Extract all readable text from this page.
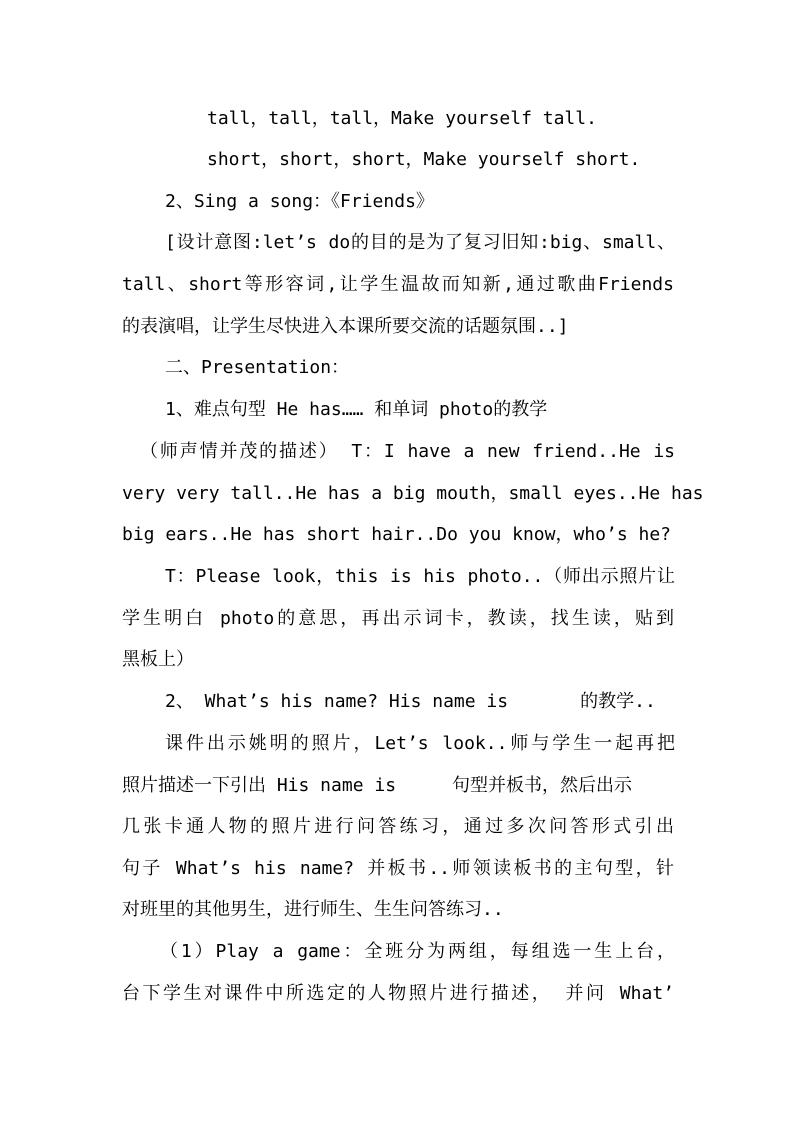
tall，tall，tall，Make yourself tall.
short，short，short，Make yourself short.
2、Sing a song：《Friends》
[设计意图:let’s do的目的是为了复习旧知:big、small、
tall、short等形容词,让学生温故而知新,通过歌曲Friends
的表演唱，让学生尽快进入本课所要交流的话题氛围..]
二、Presentation：
1、难点句型 He has…… 和单词 photo的教学
（师声情并茂的描述） T：I have a new friend..He is
very very tall..He has a big mouth，small eyes..He has
big ears..He has short hair..Do you know，who’s he?
T：Please look，this is his photo..（师出示照片让
学生明白 photo的意思，再出示词卡，教读，找生读，贴到
黑板上）
2、 What’s his name? His name is	的教学..
课件出示姚明的照片，Let’s look..师与学生一起再把
照片描述一下引出 His name is	句型并板书，然后出示
几张卡通人物的照片进行问答练习，通过多次问答形式引出
句子 What’s his name? 并板书..师领读板书的主句型，针
对班里的其他男生，进行师生、生生问答练习..
（1）Play a game：全班分为两组，每组选一生上台，
台下学生对课件中所选定的人物照片进行描述， 并问 What’
